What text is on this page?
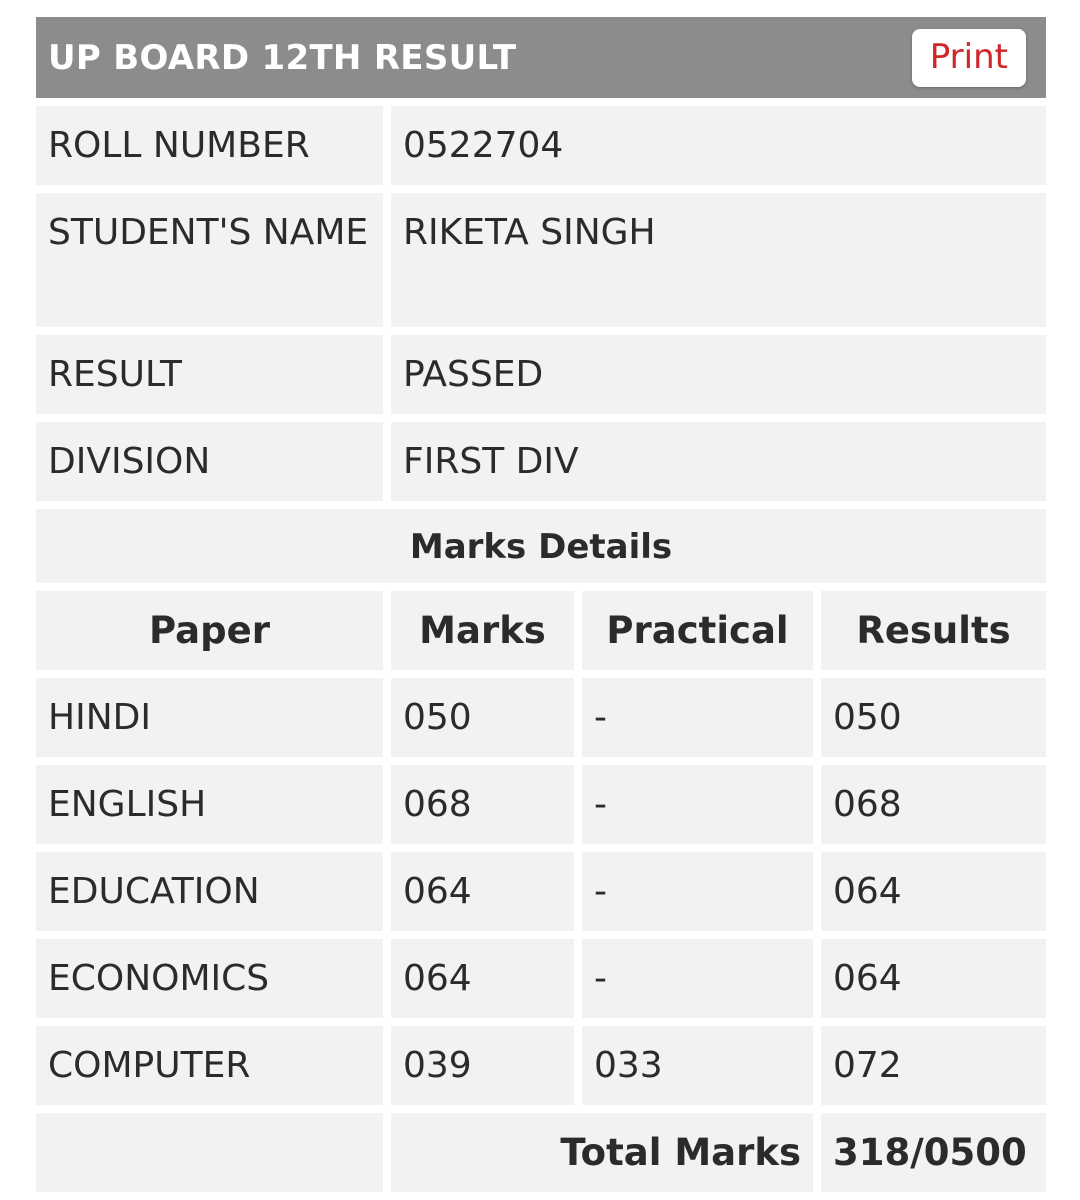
UP BOARD 12TH RESULT	Print
ROLL NUMBER	0522704		
STUDENT'S NAME	RIKETA SINGH		
RESULT	PASSED		
DIVISION	FIRST DIV		
Marks Details			
Paper	Marks	Practical	Results
HINDI	050	-	050
ENGLISH	068	-	068
EDUCATION	064	-	064
ECONOMICS	064	-	064
COMPUTER	039	033	072
	Total Marks		318/0500
